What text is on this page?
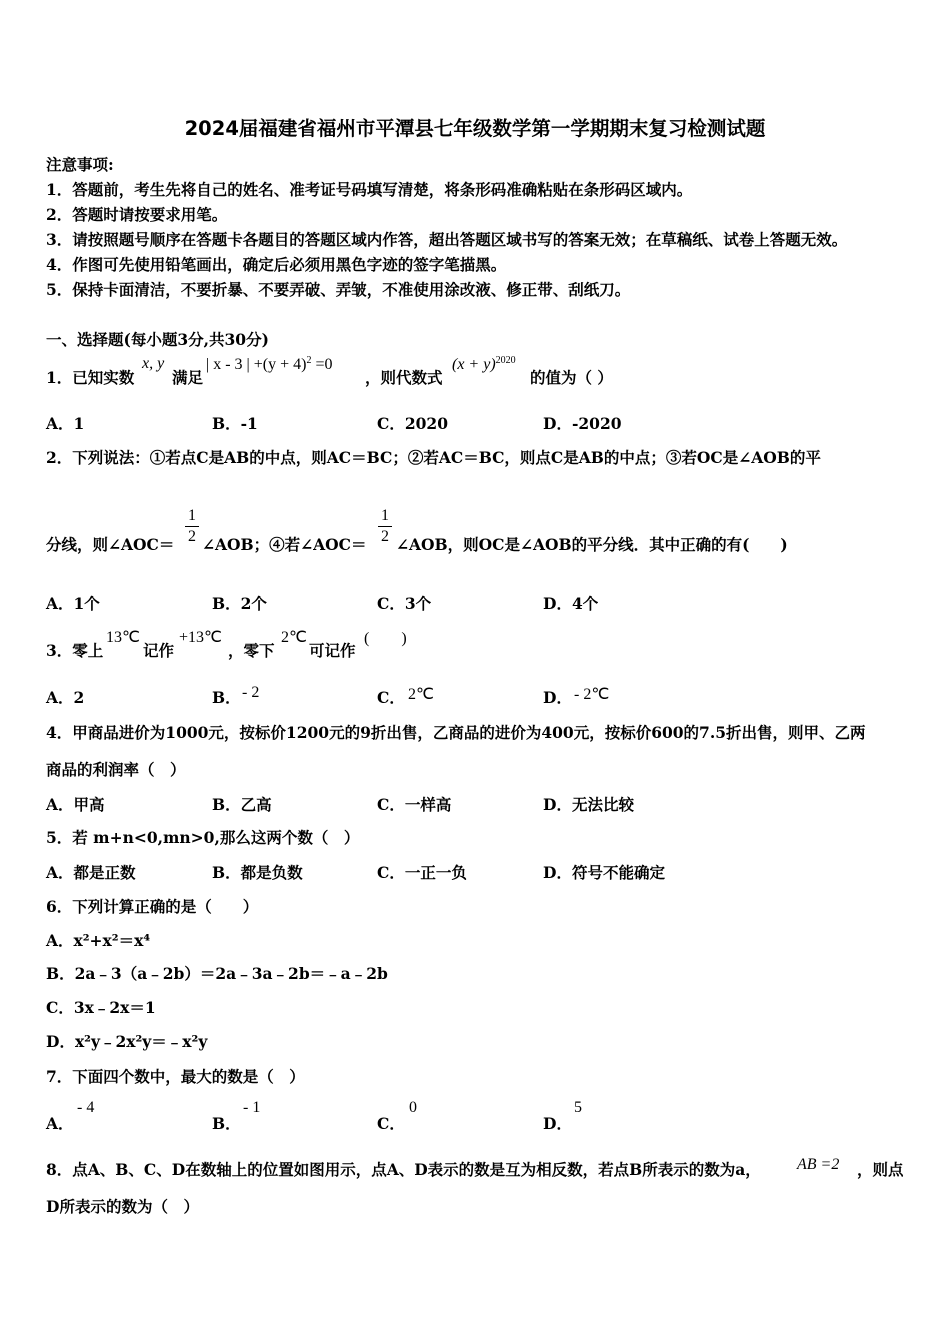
2024届福建省福州市平潭县七年级数学第一学期期末复习检测试题
注意事项:
1．答题前，考生先将自己的姓名、准考证号码填写清楚，将条形码准确粘贴在条形码区域内。
2．答题时请按要求用笔。
3．请按照题号顺序在答题卡各题目的答题区域内作答，超出答题区域书写的答案无效；在草稿纸、试卷上答题无效。
4．作图可先使用铅笔画出，确定后必须用黑色字迹的签字笔描黑。
5．保持卡面清洁，不要折暴、不要弄破、弄皱，不准使用涂改液、修正带、刮纸刀。
一、选择题(每小题3分,共30分)
1．已知实数
x, y
满足
| x - 3 | $+(y + 4)^2 =0$
，则代数式
$(x + y)^{2020}$
的值为（ ）
A．1	B．-1	C．2020	D．-2020
2．下列说法：①若点C是AB的中点，则AC＝BC；②若AC＝BC，则点C是AB的中点；③若OC是∠AOB的平
分线，则∠AOC＝
1
2 ∠AOB；④若∠AOC＝
1
2 ∠AOB，则OC是∠AOB的平分线．其中正确的有(　　)
A．1个	B．2个	C．3个	D．4个
3．零上
13℃
记作
+13℃
，零下
2℃
可记作
(　　)
A．2	B． - 2	C． 2℃	D． - 2℃
4．甲商品进价为1000元，按标价1200元的9折出售，乙商品的进价为400元，按标价600的7.5折出售，则甲、乙两
商品的利润率（　）
A．甲高	B．乙高	C．一样高	D．无法比较
5．若 m+n<0,mn>0,那么这两个数（　）
A．都是正数	B．都是负数	C．一正一负	D．符号不能确定
6．下列计算正确的是（　　）
A．x²+x²＝x⁴
B．2a﹣3（a﹣2b）＝2a﹣3a﹣2b＝﹣a﹣2b
C．3x﹣2x＝1
D．x²y﹣2x²y＝﹣x²y
7．下面四个数中，最大的数是（　）
A．
- 4
B．
- 1
C．
0
D．
5
8．点A、B、C、D在数轴上的位置如图用示，点A、D表示的数是互为相反数，若点B所表示的数为a， AB =2 ，则点
D所表示的数为（　）
